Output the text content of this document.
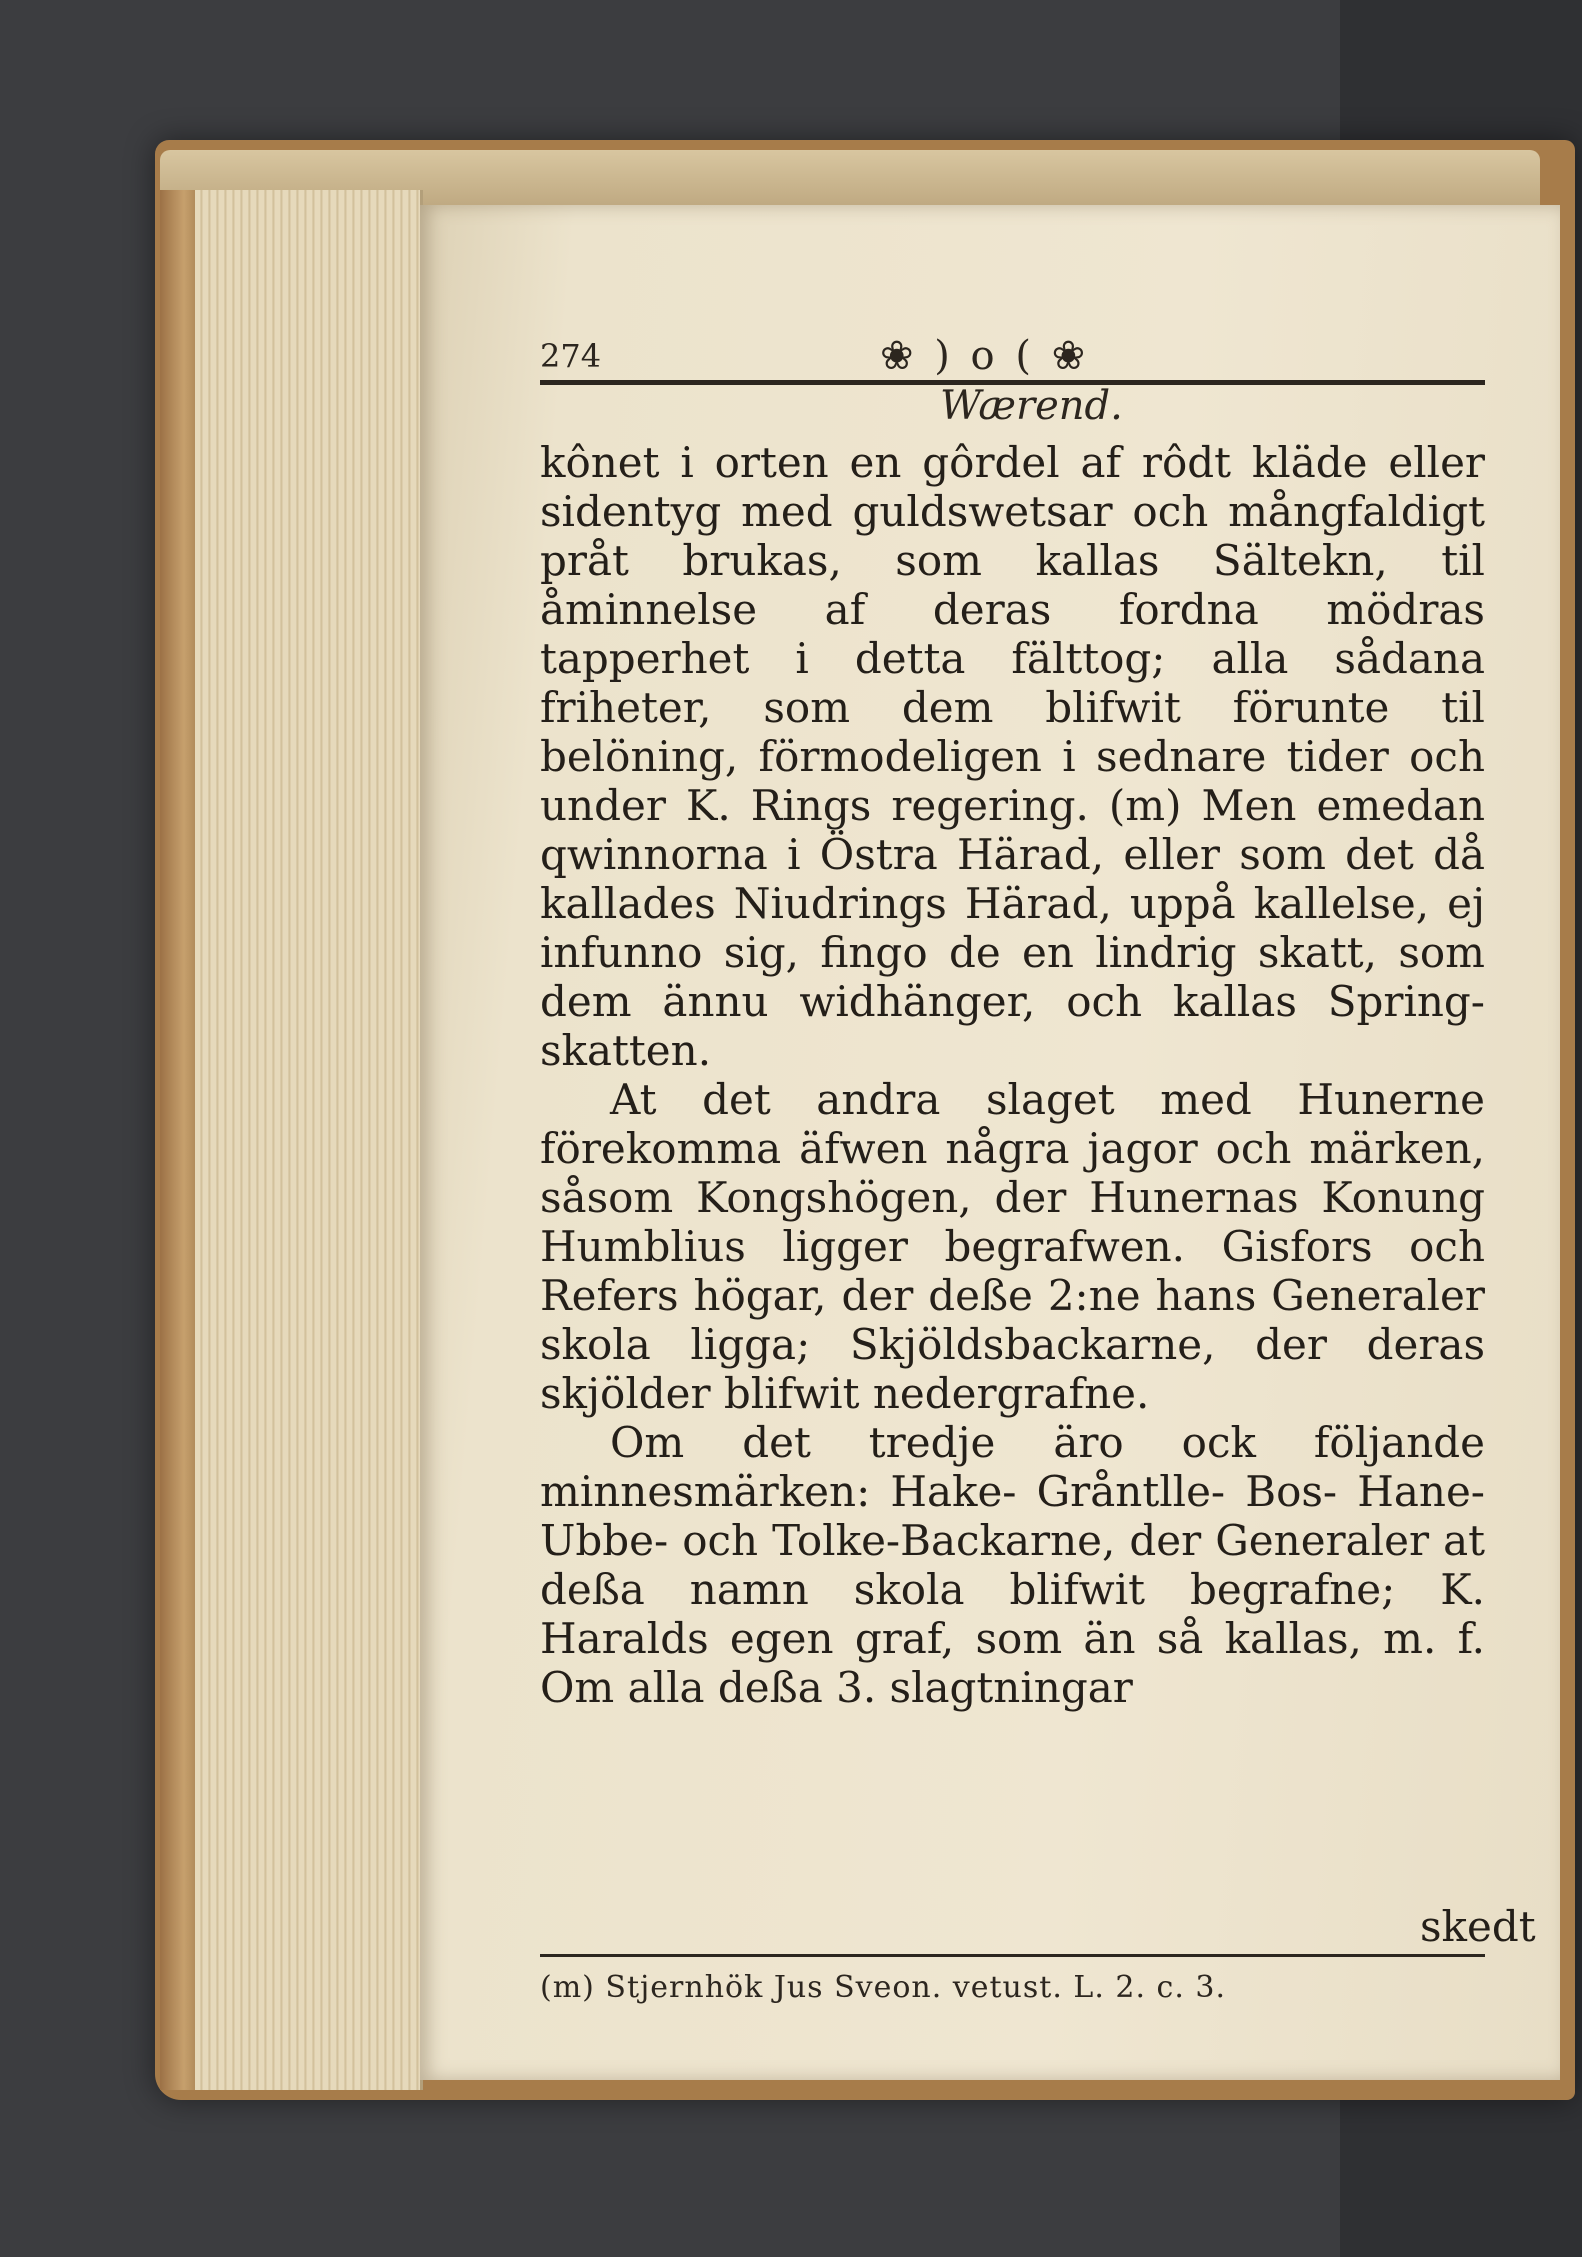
274	❀ ) o ( ❀
Wærend.

kônet i orten en gôrdel af rôdt kläde eller sidentyg med guldswetsar och mångfaldigt pråt brukas, som kallas Sältekn, til åminnelse af deras fordna mödras tapperhet i detta fälttog; alla sådana friheter, som dem blifwit förunte til belöning, förmodeligen i sednare tider och under K. Rings regering. (m) Men emedan qwinnorna i Östra Härad, eller som det då kallades Niudrings Härad, uppå kallelse, ej infunno sig, fingo de en lindrig skatt, som dem ännu widhänger, och kallas Spring-skatten.

At det andra slaget med Hunerne förekomma äfwen några jagor och märken, såsom Kongshögen, der Hunernas Konung Humblius ligger begrafwen. Gisfors och Refers högar, der deße 2:ne hans Generaler skola ligga; Skjöldsbackarne, der deras skjölder blifwit nedergrafne.

Om det tredje äro ock följande minnesmärken: Hake- Gråntlle- Bos- Hane- Ubbe- och Tolke-Backarne, der Generaler at deßa namn skola blifwit begrafne; K. Haralds egen graf, som än så kallas, m. f. Om alla deßa 3. slagtningar

skedt
(m) Stjernhök Jus Sveon. vetust. L. 2. c. 3.
